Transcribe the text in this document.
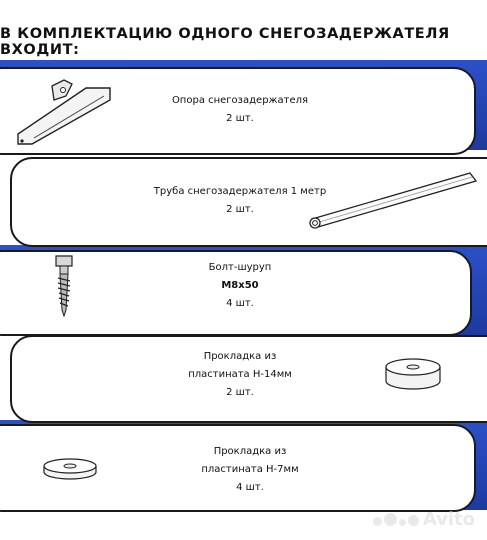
В КОМПЛЕКТАЦИЮ ОДНОГО СНЕГОЗАДЕРЖАТЕЛЯ ВХОДИТ:
Опора снегозадержателя
2 шт.
Труба снегозадержателя 1 метр
2 шт.
Болт-шуруп
М8х50
4 шт.
Прокладка из
пластината Н-14мм
2 шт.
Прокладка из
пластината Н-7мм
4 шт.
Avito
